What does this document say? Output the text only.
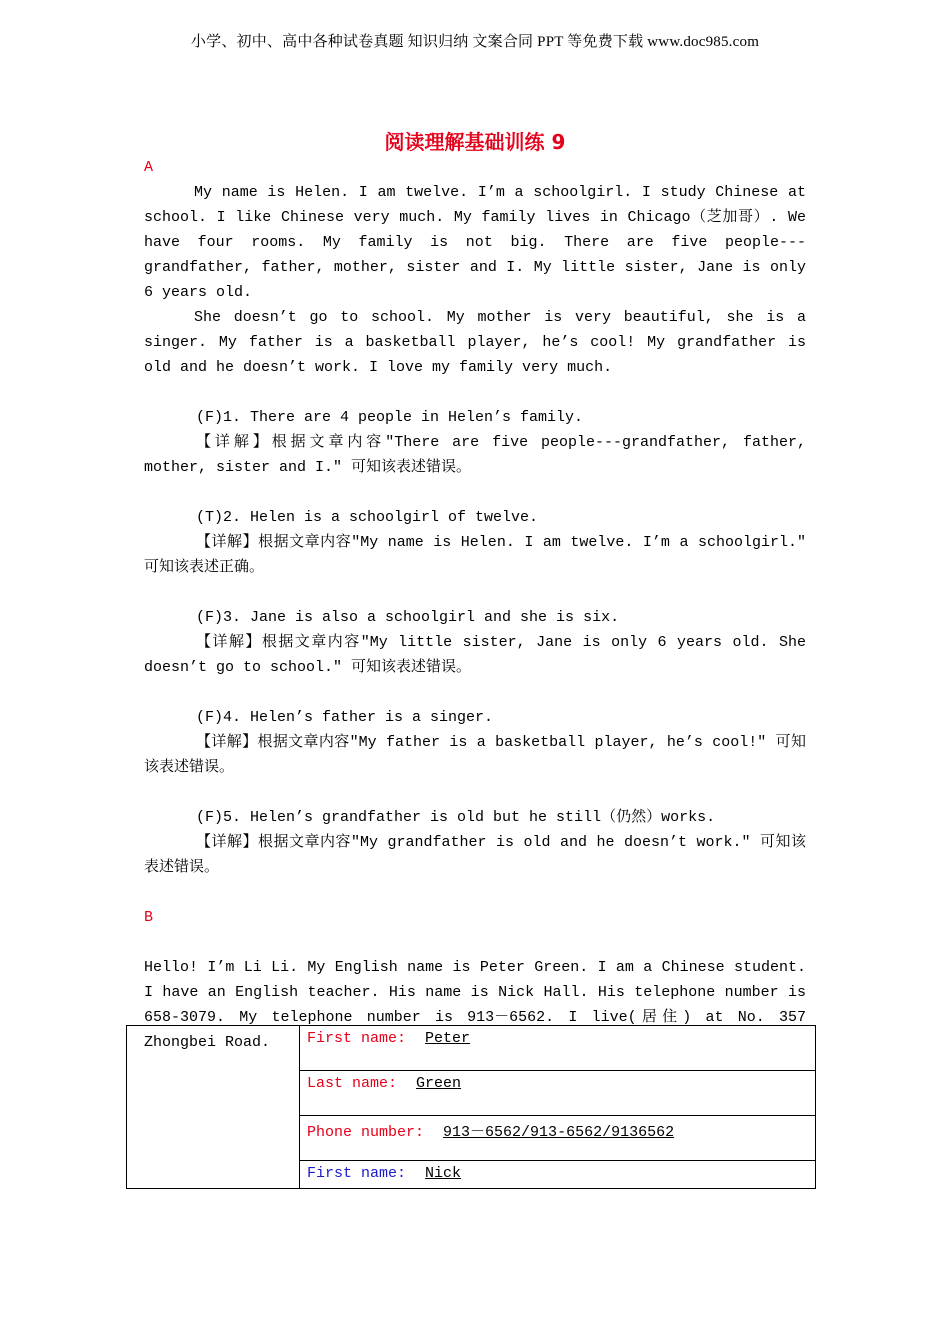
小学、初中、高中各种试卷真题 知识归纳 文案合同 PPT 等免费下载 www.doc985.com
阅读理解基础训练 9
A

My name is Helen. I am twelve. I’m a schoolgirl. I study Chinese at school. I like Chinese very much. My family lives in Chicago（芝加哥）. We have four rooms. My family is not big. There are five people---grandfather, father, mother, sister and I. My little sister, Jane is only 6 years old.

She doesn’t go to school. My mother is very beautiful, she is a singer. My father is a basketball player, he’s cool! My grandfather is old and he doesn’t work. I love my family very much.

(F)1. There are 4 people in Helen’s family.

【详解】根据文章内容"There are five people---grandfather, father, mother, sister and I." 可知该表述错误。

(T)2. Helen is a schoolgirl of twelve.

【详解】根据文章内容"My name is Helen. I am twelve. I’m a schoolgirl." 可知该表述正确。

(F)3. Jane is also a schoolgirl and she is six.

【详解】根据文章内容"My little sister, Jane is only 6 years old. She doesn’t go to school." 可知该表述错误。

(F)4. Helen’s father is a singer.

【详解】根据文章内容"My father is a basketball player, he’s cool!" 可知该表述错误。

(F)5. Helen’s grandfather is old but he still（仍然）works.

【详解】根据文章内容"My grandfather is old and he doesn’t work." 可知该表述错误。

B

Hello! I’m Li Li. My English name is Peter Green. I am a Chinese student. I have an English teacher. His name is Nick Hall. His telephone number is 658-3079. My telephone number is 913－6562. I live(居住) at No. 357 Zhongbei Road.

		First name: Peter
Last name: Green
Phone number: 913－6562/913-6562/9136562
First name: Nick
